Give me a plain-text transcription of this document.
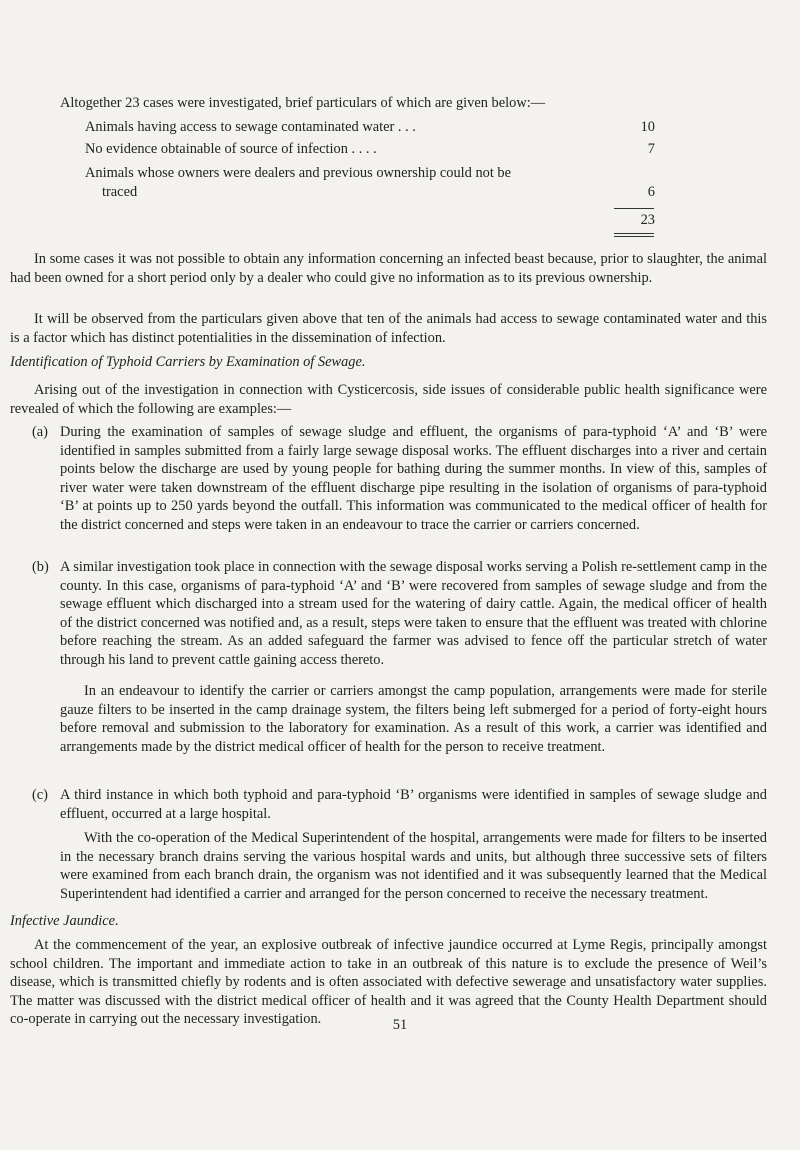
Altogether 23 cases were investigated, brief particulars of which are given below:—
Animals having access to sewage contaminated water . . .	10
No evidence obtainable of source of infection . . . .	7
Animals whose owners were dealers and previous ownership could not be
traced	6
23

In some cases it was not possible to obtain any information concerning an infected beast because, prior to slaughter, the animal had been owned for a short period only by a dealer who could give no information as to its previous ownership.

It will be observed from the particulars given above that ten of the animals had access to sewage contaminated water and this is a factor which has distinct potentialities in the dissemination of infection.

Identification of Typhoid Carriers by Examination of Sewage.

Arising out of the investigation in connection with Cysticercosis, side issues of considerable public health significance were revealed of which the following are examples:—

(a) During the examination of samples of sewage sludge and effluent, the organisms of para-typhoid ‘A’ and ‘B’ were identified in samples submitted from a fairly large sewage disposal works. The effluent discharges into a river and certain points below the discharge are used by young people for bathing during the summer months. In view of this, samples of river water were taken downstream of the effluent discharge pipe resulting in the isolation of organisms of para-typhoid ‘B’ at points up to 250 yards beyond the outfall. This information was communicated to the medical officer of health for the district concerned and steps were taken in an endeavour to trace the carrier or carriers concerned.

(b) A similar investigation took place in connection with the sewage disposal works serving a Polish re-settlement camp in the county. In this case, organisms of para-typhoid ‘A’ and ‘B’ were recovered from samples of sewage sludge and from the sewage effluent which discharged into a stream used for the watering of dairy cattle. Again, the medical officer of health of the district concerned was notified and, as a result, steps were taken to ensure that the effluent was treated with chlorine before reaching the stream. As an added safeguard the farmer was advised to fence off the particular stretch of water through his land to prevent cattle gaining access thereto.

In an endeavour to identify the carrier or carriers amongst the camp population, arrangements were made for sterile gauze filters to be inserted in the camp drainage system, the filters being left submerged for a period of forty-eight hours before removal and submission to the laboratory for examination. As a result of this work, a carrier was identified and arrangements made by the district medical officer of health for the person to receive treatment.

(c) A third instance in which both typhoid and para-typhoid ‘B’ organisms were identified in samples of sewage sludge and effluent, occurred at a large hospital.

With the co-operation of the Medical Superintendent of the hospital, arrangements were made for filters to be inserted in the necessary branch drains serving the various hospital wards and units, but although three successive sets of filters were examined from each branch drain, the organism was not identified and it was subsequently learned that the Medical Superintendent had identified a carrier and arranged for the person concerned to receive the necessary treatment.

Infective Jaundice.

At the commencement of the year, an explosive outbreak of infective jaundice occurred at Lyme Regis, principally amongst school children. The important and immediate action to take in an outbreak of this nature is to exclude the presence of Weil’s disease, which is transmitted chiefly by rodents and is often associated with defective sewerage and unsatisfactory water supplies. The matter was discussed with the district medical officer of health and it was agreed that the County Health Department should co-operate in carrying out the necessary investigation.	51
